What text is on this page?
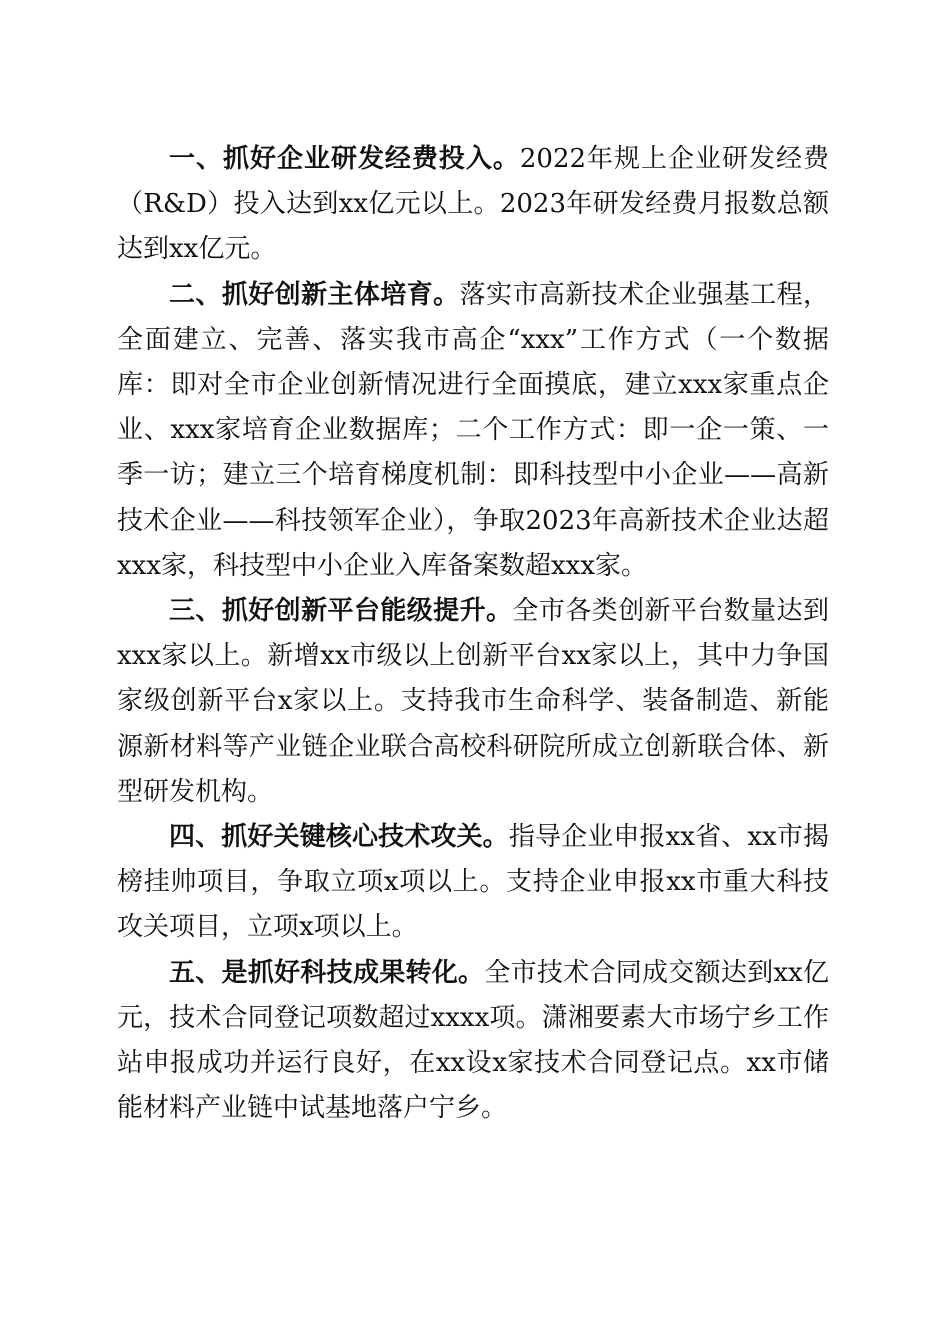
一、抓好企业研发经费投入。2022年规上企业研发经费（R&D）投入达到xx亿元以上。2023年研发经费月报数总额达到xx亿元。

二、抓好创新主体培育。落实市高新技术企业强基工程，全面建立、完善、落实我市高企“xxx”工作方式（一个数据库：即对全市企业创新情况进行全面摸底，建立xxx家重点企业、xxx家培育企业数据库；二个工作方式：即一企一策、一季一访；建立三个培育梯度机制：即科技型中小企业——高新技术企业——科技领军企业），争取2023年高新技术企业达超xxx家，科技型中小企业入库备案数超xxx家。

三、抓好创新平台能级提升。全市各类创新平台数量达到xxx家以上。新增xx市级以上创新平台xx家以上，其中力争国家级创新平台x家以上。支持我市生命科学、装备制造、新能源新材料等产业链企业联合高校科研院所成立创新联合体、新型研发机构。

四、抓好关键核心技术攻关。指导企业申报xx省、xx市揭榜挂帅项目，争取立项x项以上。支持企业申报xx市重大科技攻关项目，立项x项以上。

五、是抓好科技成果转化。全市技术合同成交额达到xx亿元，技术合同登记项数超过xxxx项。潇湘要素大市场宁乡工作站申报成功并运行良好，在xx设x家技术合同登记点。xx市储能材料产业链中试基地落户宁乡。
